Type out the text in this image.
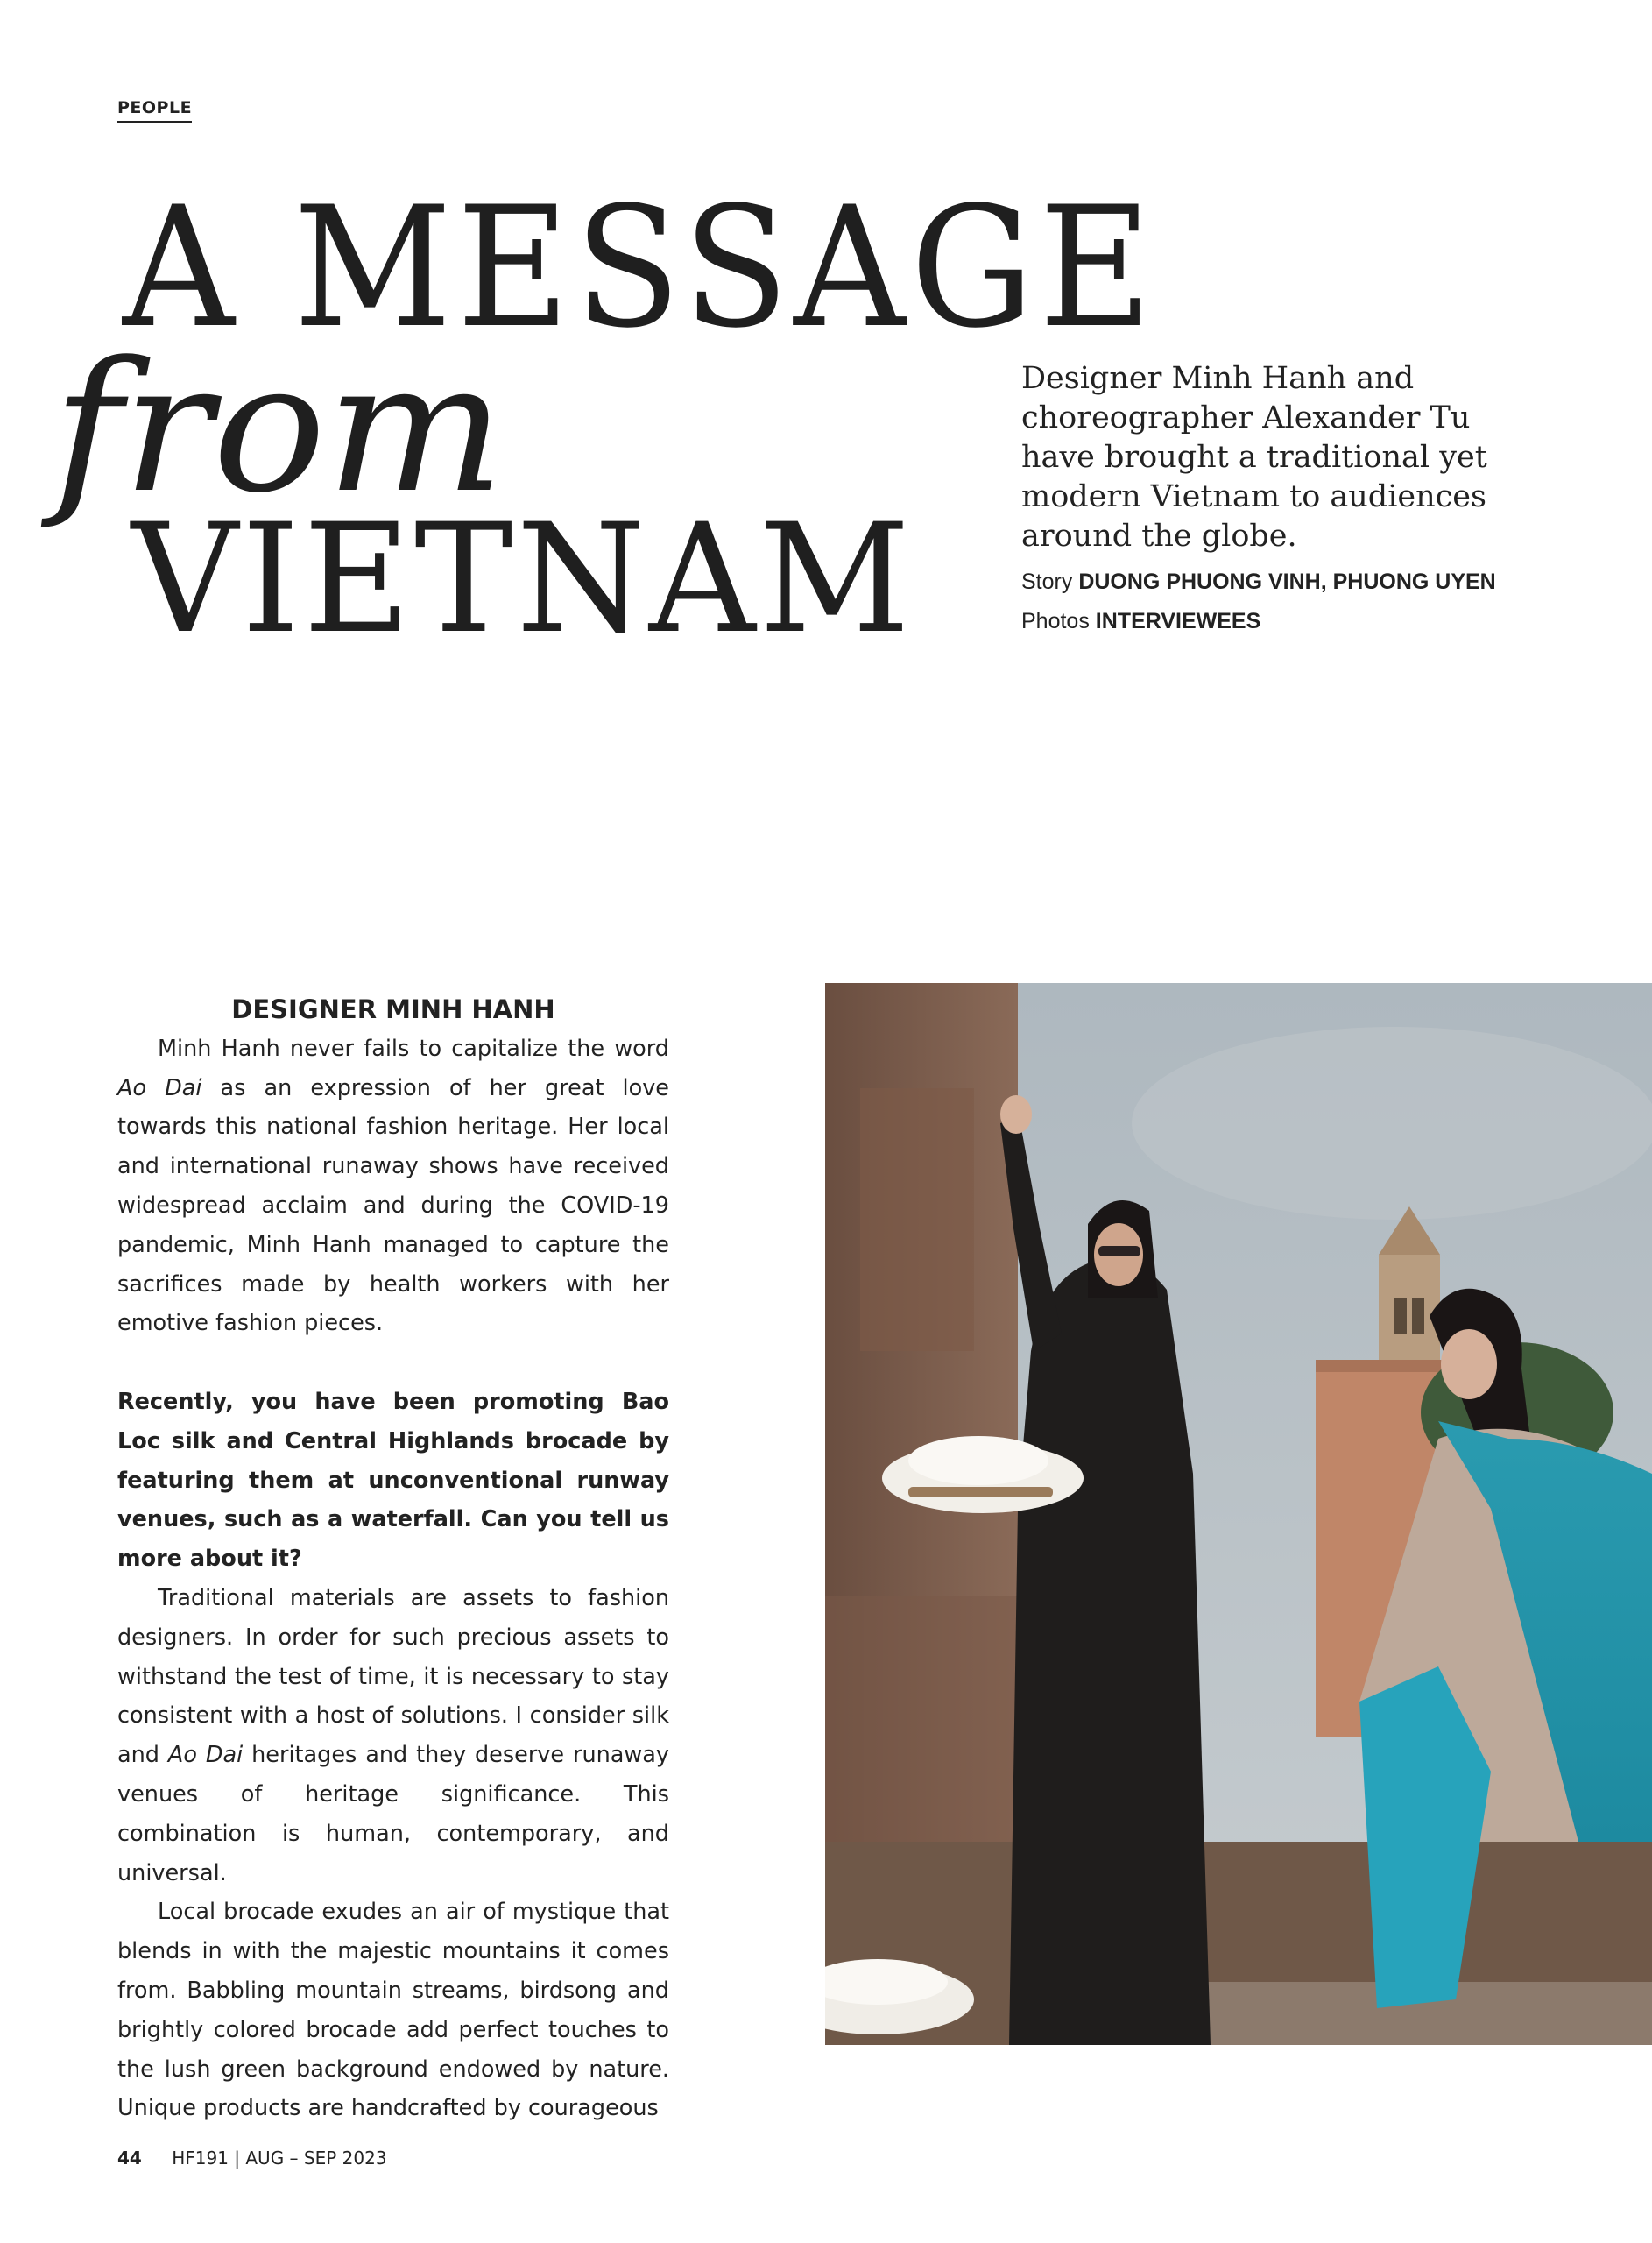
PEOPLE
A MESSAGE
from
VIETNAM
Designer Minh Hanh and choreographer Alexander Tu have brought a traditional yet modern Vietnam to audiences around the globe.
Story DUONG PHUONG VINH, PHUONG UYEN
Photos INTERVIEWEES

DESIGNER MINH HANH

Minh Hanh never fails to capitalize the word Ao Dai as an expression of her great love towards this national fashion heritage. Her local and international runaway shows have received widespread acclaim and during the COVID-19 pandemic, Minh Hanh managed to capture the sacrifices made by health workers with her emotive fashion pieces.

Recently, you have been promoting Bao Loc silk and Central Highlands brocade by featuring them at unconventional runway venues, such as a waterfall. Can you tell us more about it?

Traditional materials are assets to fashion designers. In order for such precious assets to withstand the test of time, it is necessary to stay consistent with a host of solutions. I consider silk and Ao Dai heritages and they deserve runaway venues of heritage significance. This combination is human, contemporary, and universal.

Local brocade exudes an air of mystique that blends in with the majestic mountains it comes from. Babbling mountain streams, birdsong and brightly colored brocade add perfect touches to the lush green background endowed by nature. Unique products are handcrafted by courageous

44 HF191 | AUG – SEP 2023
